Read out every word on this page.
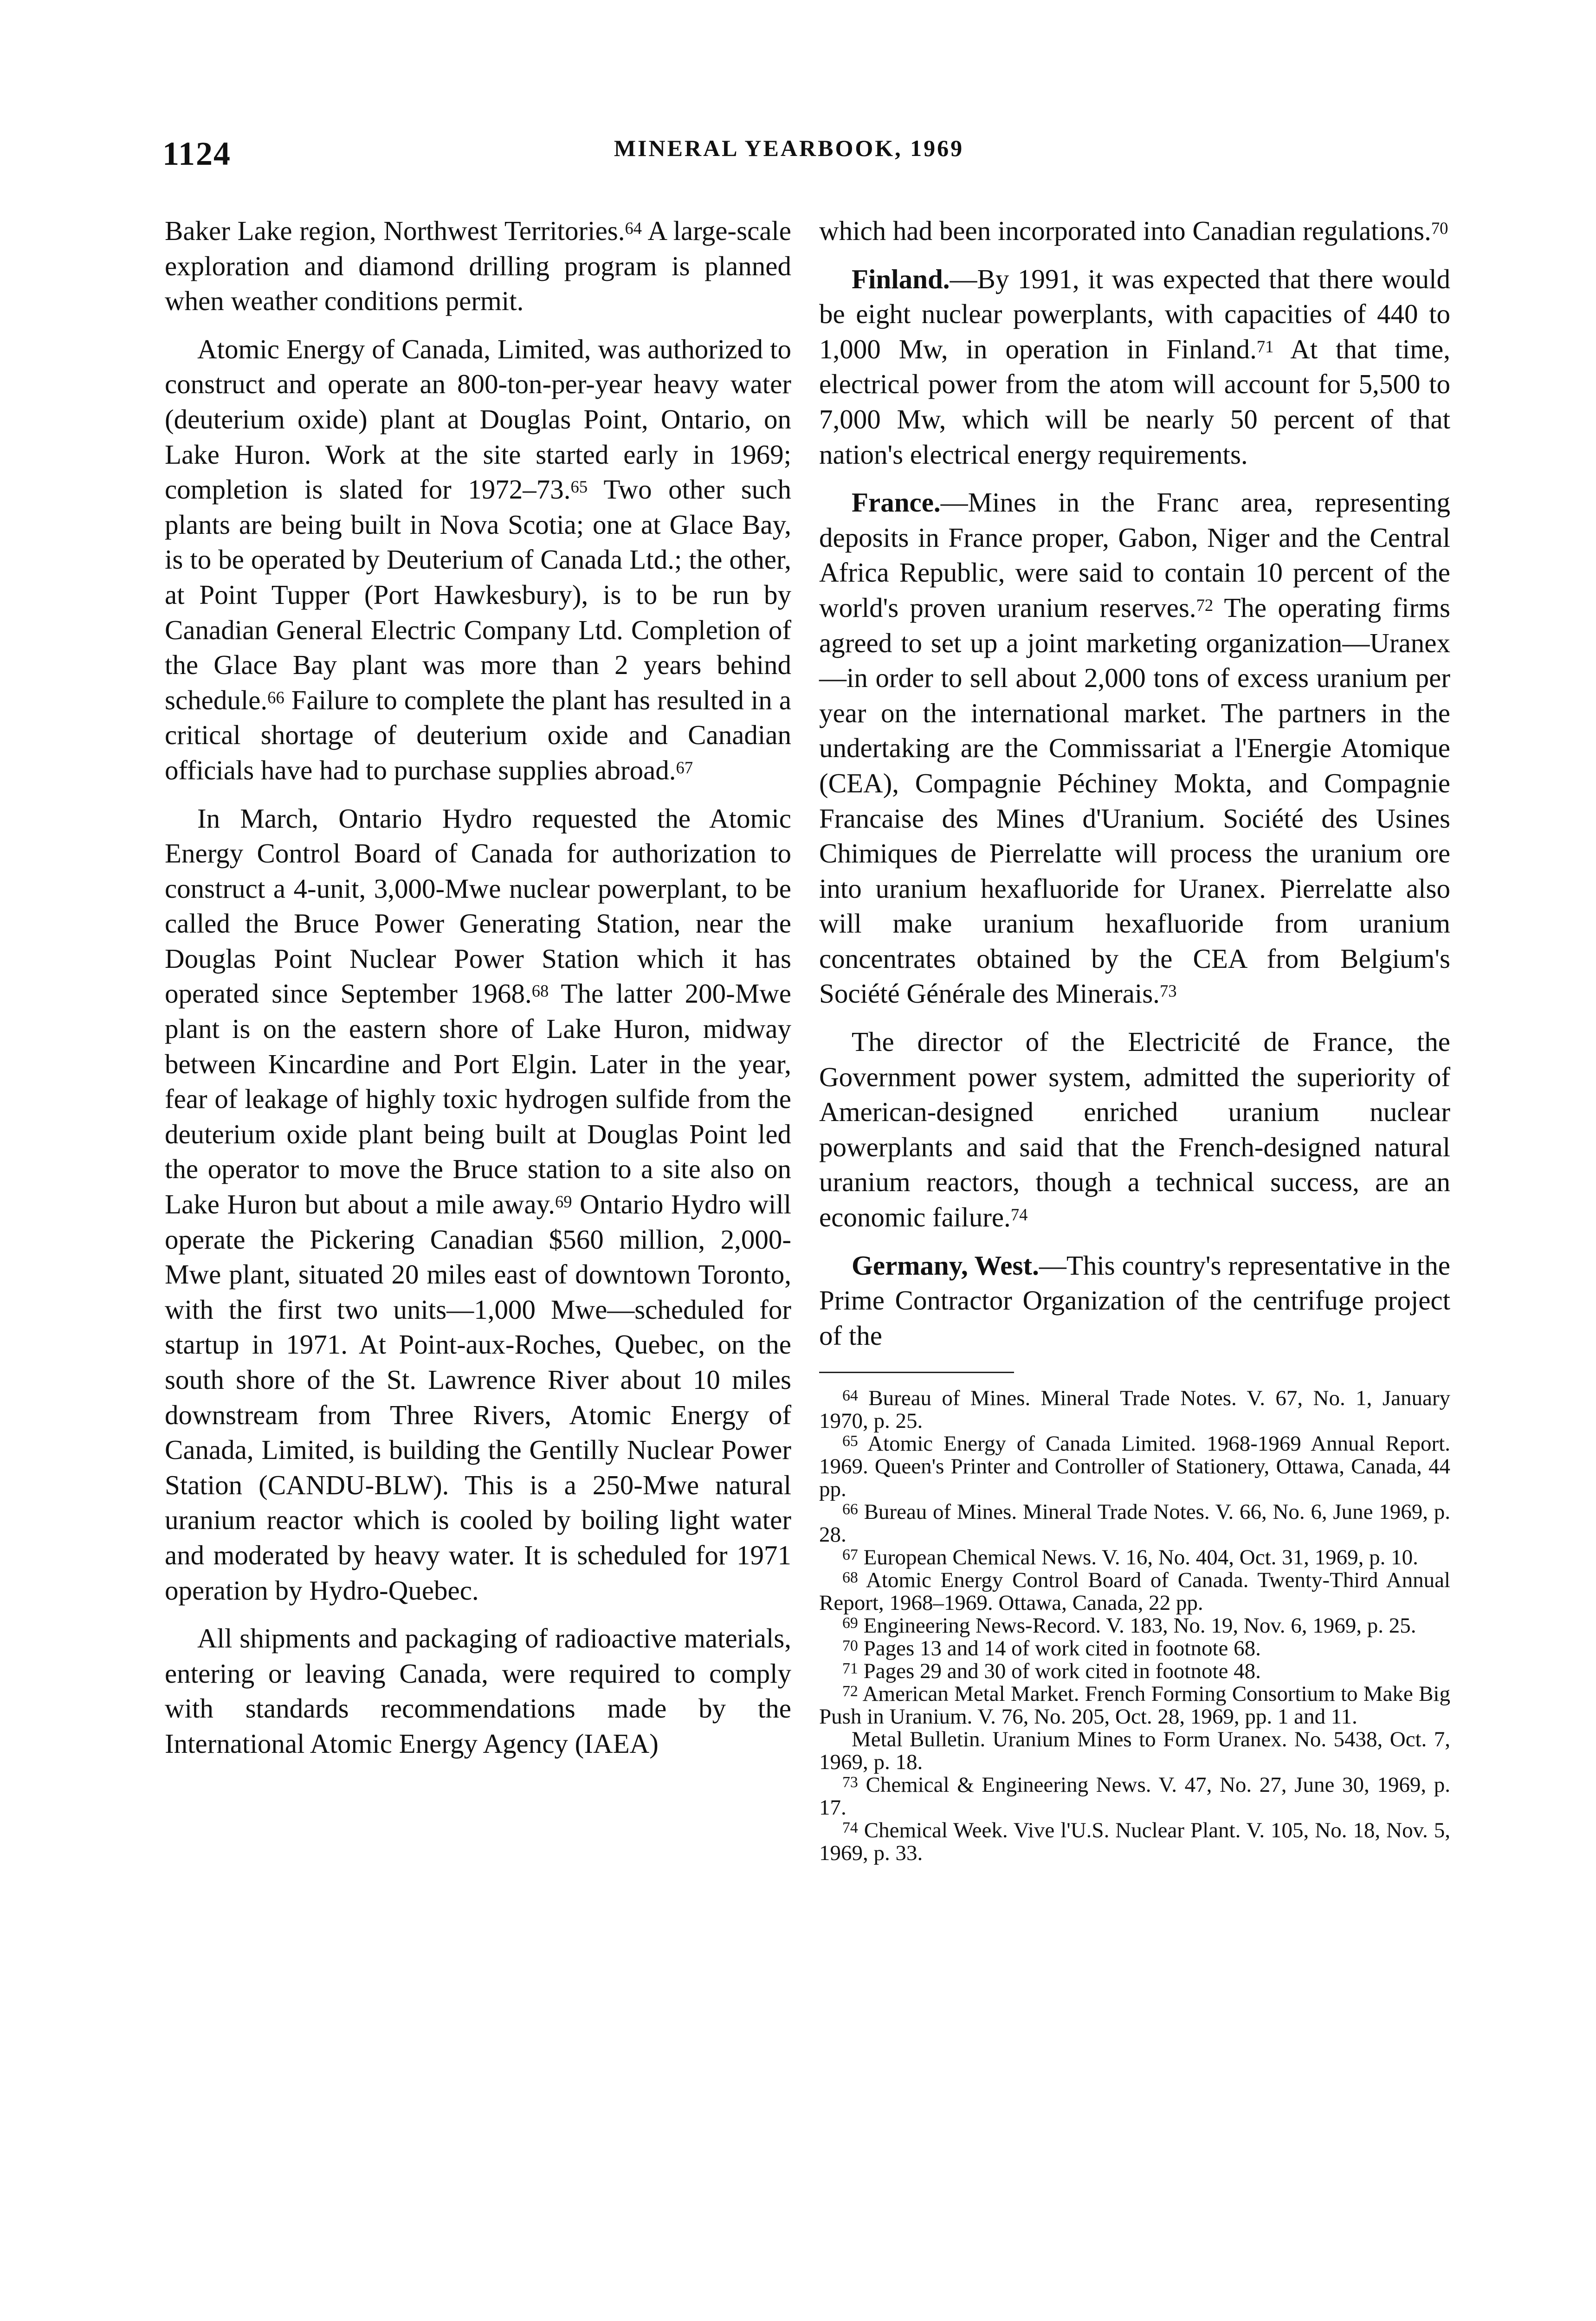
1124	MINERAL YEARBOOK, 1969

Baker Lake region, Northwest Territories.$^{64}$ A large-scale exploration and diamond drilling program is planned when weather conditions permit.

Atomic Energy of Canada, Limited, was authorized to construct and operate an 800-ton-per-year heavy water (deuterium oxide) plant at Douglas Point, Ontario, on Lake Huron. Work at the site started early in 1969; completion is slated for 1972–73.65 Two other such plants are being built in Nova Scotia; one at Glace Bay, is to be operated by Deuterium of Canada Ltd.; the other, at Point Tupper (Port Hawkesbury), is to be run by Canadian General Electric Company Ltd. Completion of the Glace Bay plant was more than 2 years behind schedule.$^{66}$ Failure to complete the plant has resulted in a critical shortage of deuterium oxide and Canadian officials have had to purchase supplies abroad.$^{67}$

In March, Ontario Hydro requested the Atomic Energy Control Board of Canada for authorization to construct a 4-unit, 3,000-Mwe nuclear powerplant, to be called the Bruce Power Generating Station, near the Douglas Point Nuclear Power Station which it has operated since September 1968.68 The latter 200-Mwe plant is on the eastern shore of Lake Huron, midway between Kincardine and Port Elgin. Later in the year, fear of leakage of highly toxic hydrogen sulfide from the deuterium oxide plant being built at Douglas Point led the operator to move the Bruce station to a site also on Lake Huron but about a mile away.$^{69}$ Ontario Hydro will operate the Pickering Canadian $560 million, 2,000-Mwe plant, situated 20 miles east of downtown Toronto, with the first two units—1,000 Mwe—scheduled for startup in 1971. At Point-aux-Roches, Quebec, on the south shore of the St. Lawrence River about 10 miles downstream from Three Rivers, Atomic Energy of Canada, Limited, is building the Gentilly Nuclear Power Station (CANDU-BLW). This is a 250-Mwe natural uranium reactor which is cooled by boiling light water and moderated by heavy water. It is scheduled for 1971 operation by Hydro-Quebec.

All shipments and packaging of radioactive materials, entering or leaving Canada, were required to comply with standards recommendations made by the International Atomic Energy Agency (IAEA)

which had been incorporated into Canadian regulations.$^{70}$

Finland.—By 1991, it was expected that there would be eight nuclear powerplants, with capacities of 440 to 1,000 Mw, in operation in Finland.$^{71}$ At that time, electrical power from the atom will account for 5,500 to 7,000 Mw, which will be nearly 50 percent of that nation's electrical energy requirements.

France.—Mines in the Franc area, representing deposits in France proper, Gabon, Niger and the Central Africa Republic, were said to contain 10 percent of the world's proven uranium reserves.$^{72}$ The operating firms agreed to set up a joint marketing organization—Uranex—in order to sell about 2,000 tons of excess uranium per year on the international market. The partners in the undertaking are the Commissariat a l'Energie Atomique (CEA), Compagnie Péchiney Mokta, and Compagnie Francaise des Mines d'Uranium. Société des Usines Chimiques de Pierrelatte will process the uranium ore into uranium hexafluoride for Uranex. Pierrelatte also will make uranium hexafluoride from uranium concentrates obtained by the CEA from Belgium's Société Générale des Minerais.$^{73}$

The director of the Electricité de France, the Government power system, admitted the superiority of American-designed enriched uranium nuclear powerplants and said that the French-designed natural uranium reactors, though a technical success, are an economic failure.$^{74}$

Germany, West.—This country's representative in the Prime Contractor Organization of the centrifuge project of the

$^{64}$ Bureau of Mines. Mineral Trade Notes. V. 67, No. 1, January 1970, p. 25.

$^{65}$ Atomic Energy of Canada Limited. 1968-1969 Annual Report. 1969. Queen's Printer and Controller of Stationery, Ottawa, Canada, 44 pp.

$^{66}$ Bureau of Mines. Mineral Trade Notes. V. 66, No. 6, June 1969, p. 28.

$^{67}$ European Chemical News. V. 16, No. 404, Oct. 31, 1969, p. 10.

$^{68}$ Atomic Energy Control Board of Canada. Twenty-Third Annual Report, 1968–1969. Ottawa, Canada, 22 pp.

$^{69}$ Engineering News-Record. V. 183, No. 19, Nov. 6, 1969, p. 25.

$^{70}$ Pages 13 and 14 of work cited in footnote 68.

$^{71}$ Pages 29 and 30 of work cited in footnote 48.

$^{72}$ American Metal Market. French Forming Consortium to Make Big Push in Uranium. V. 76, No. 205, Oct. 28, 1969, pp. 1 and 11.

Metal Bulletin. Uranium Mines to Form Uranex. No. 5438, Oct. 7, 1969, p. 18.

$^{73}$ Chemical & Engineering News. V. 47, No. 27, June 30, 1969, p. 17.

$^{74}$ Chemical Week. Vive l'U.S. Nuclear Plant. V. 105, No. 18, Nov. 5, 1969, p. 33.
